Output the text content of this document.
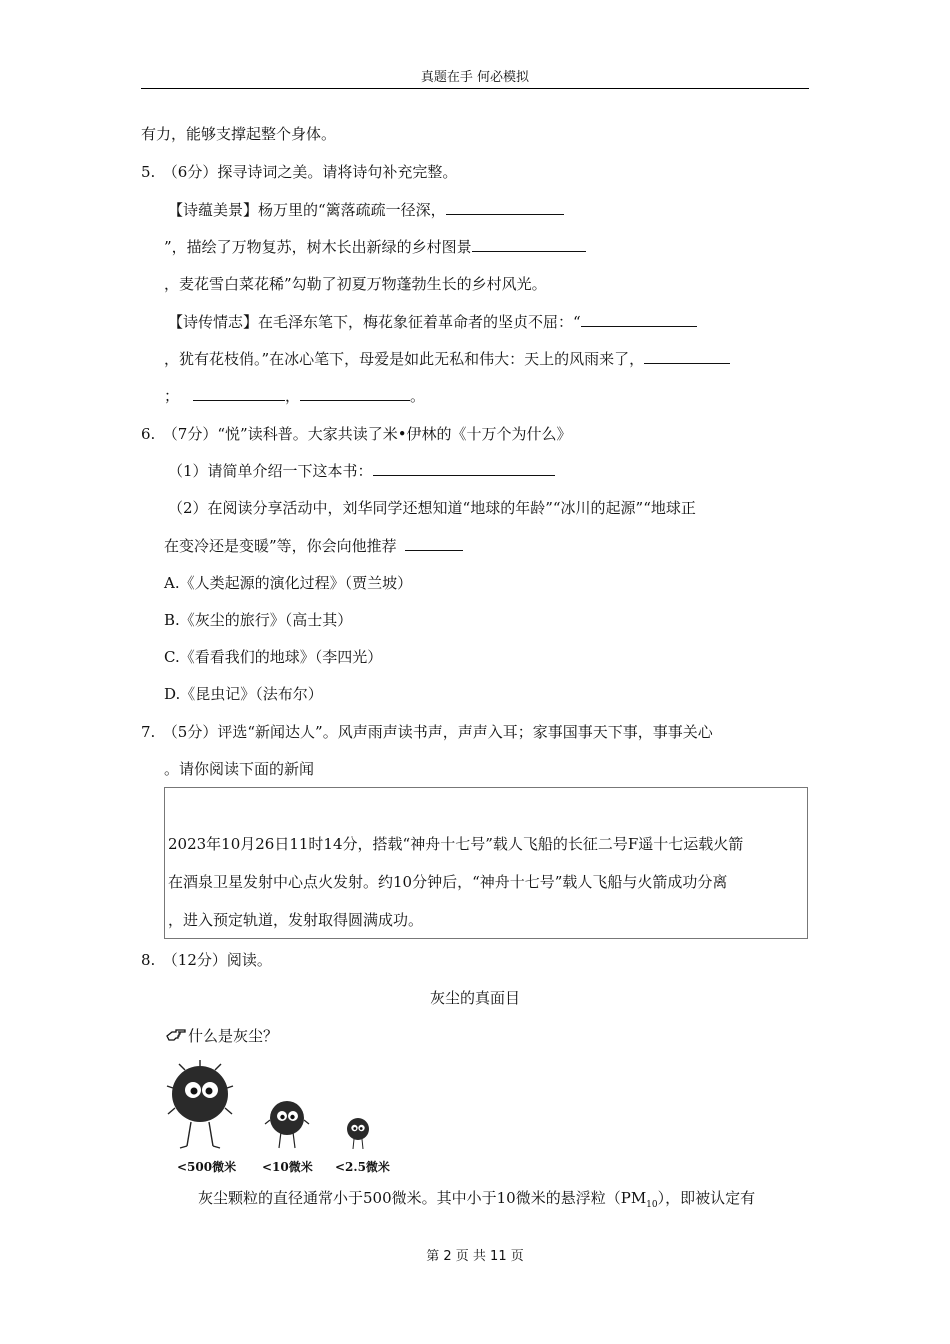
真题在手 何必模拟
有力，能够支撑起整个身体。
5.　（6分）探寻诗词之美。请将诗句补充完整。
【诗蕴美景】杨万里的“篱落疏疏一径深，
”，描绘了万物复苏，树木长出新绿的乡村图景
，麦花雪白菜花稀”勾勒了初夏万物蓬勃生长的乡村风光。
【诗传情志】在毛泽东笔下，梅花象征着革命者的坚贞不屈：“
，犹有花枝俏。”在冰心笔下，母爱是如此无私和伟大：天上的风雨来了，
；	，	。
6.　（7分）“悦”读科普。大家共读了米•伊林的《十万个为什么》
（1）请简单介绍一下这本书：
（2）在阅读分享活动中，刘华同学还想知道“地球的年龄”“冰川的起源”“地球正
在变冷还是变暖”等，你会向他推荐
A.《人类起源的演化过程》（贾兰坡）
B.《灰尘的旅行》（高士其）
C.《看看我们的地球》（李四光）
D.《昆虫记》（法布尔）
7.　（5分）评选“新闻达人”。风声雨声读书声，声声入耳；家事国事天下事，事事关心
。请你阅读下面的新闻
2023年10月26日11时14分，搭载“神舟十七号”载人飞船的长征二号F遥十七运载火箭
在酒泉卫星发射中心点火发射。约10分钟后，“神舟十七号”载人飞船与火箭成功分离
，进入预定轨道，发射取得圆满成功。
8.　（12分）阅读。
灰尘的真面目
什么是灰尘？
<500微米 <10微米 <2.5微米
灰尘颗粒的直径通常小于500微米。其中小于10微米的悬浮粒$(PM_{10})$，即被认定有
第 2 页 共 11 页
